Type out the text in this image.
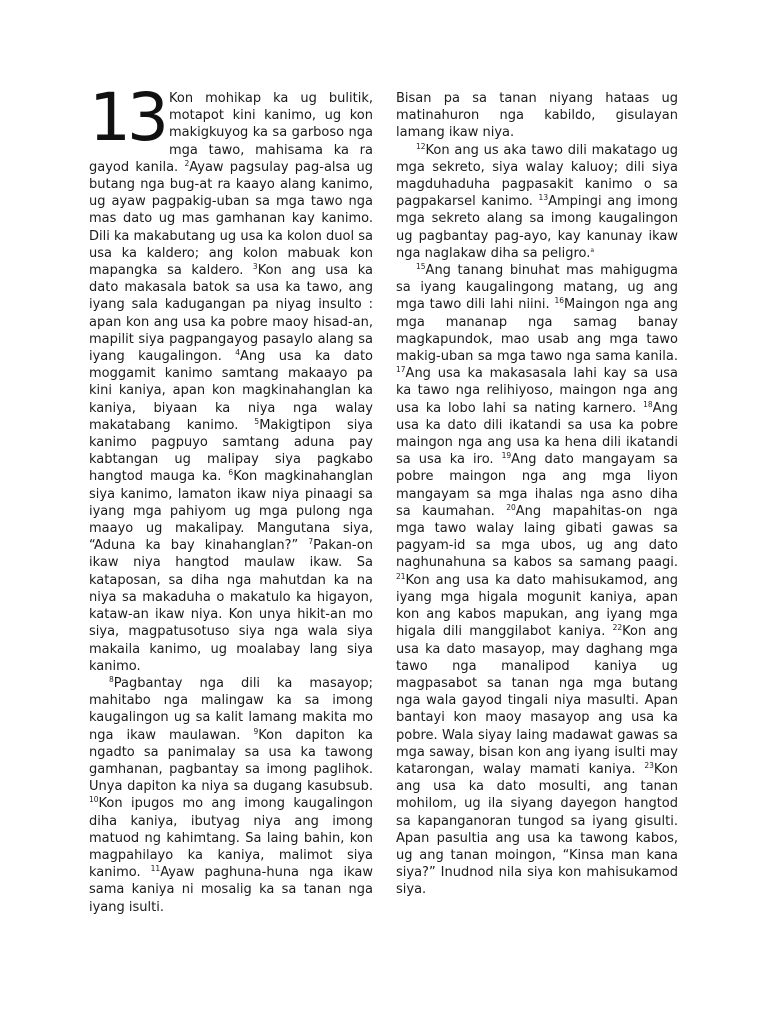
13 Kon mohikap ka ug bulitik, motapot kini kanimo, ug kon makigkuyog ka sa garboso nga mga tawo, mahisama ka ra gayod kanila. $^2$Ayaw pagsulay pag-alsa ug butang nga bug-at ra kaayo alang kanimo, ug ayaw pagpakig-uban sa mga tawo nga mas dato ug mas gamhanan kay kanimo. Dili ka makabutang ug usa ka kolon duol sa usa ka kaldero; ang kolon mabuak kon mapangka sa kaldero. $^3$Kon ang usa ka dato makasala batok sa usa ka tawo, ang iyang sala kadugangan pa niyag insulto : apan kon ang usa ka pobre maoy hisad-an, mapilit siya pagpangayog pasaylo alang sa iyang kaugalingon. $^4$Ang usa ka dato moggamit kanimo samtang makaayo pa kini kaniya, apan kon magkinahanglan ka kaniya, biyaan ka niya nga walay makatabang kanimo. $^5$Makigtipon siya kanimo pagpuyo samtang aduna pay kabtangan ug malipay siya pagkabo hangtod mauga ka. $^6$Kon magkinahanglan siya kanimo, lamaton ikaw niya pinaagi sa iyang mga pahiyom ug mga pulong nga maayo ug makalipay. Mangutana siya, “Aduna ka bay kinahanglan?” $^7$Pakan-on ikaw niya hangtod maulaw ikaw. Sa kataposan, sa diha nga mahutdan ka na niya sa makaduha o makatulo ka higayon, kataw-an ikaw niya. Kon unya hikit-an mo siya, magpatusotuso siya nga wala siya makaila kanimo, ug moalabay lang siya kanimo.

$^8$Pagbantay nga dili ka masayop; mahitabo nga malingaw ka sa imong kaugalingon ug sa kalit lamang makita mo nga ikaw maulawan. $^9$Kon dapiton ka ngadto sa panimalay sa usa ka tawong gamhanan, pagbantay sa imong paglihok. Unya dapiton ka niya sa dugang kasubsub. $^{10}$Kon ipugos mo ang imong kaugalingon diha kaniya, ibutyag niya ang imong matuod ng kahimtang. Sa laing bahin, kon magpahilayo ka kaniya, malimot siya kanimo. $^{11}$Ayaw paghuna-huna nga ikaw sama kaniya ni mosalig ka sa tanan nga iyang isulti.

Bisan pa sa tanan niyang hataas ug matinahuron nga kabildo, gisulayan lamang ikaw niya.

$^{12}$Kon ang us aka tawo dili makatago ug mga sekreto, siya walay kaluoy; dili siya magduhaduha pagpasakit kanimo o sa pagpakarsel kanimo. $^{13}$Ampingi ang imong mga sekreto alang sa imong kaugalingon ug pagbantay pag-ayo, kay kanunay ikaw nga naglakaw diha sa peligro.$^a$

$^{15}$Ang tanang binuhat mas mahigugma sa iyang kaugalingong matang, ug ang mga tawo dili lahi niini. $^{16}$Maingon nga ang mga mananap nga samag banay magkapundok, mao usab ang mga tawo makig-uban sa mga tawo nga sama kanila. $^{17}$Ang usa ka makasasala lahi kay sa usa ka tawo nga relihiyoso, maingon nga ang usa ka lobo lahi sa nating karnero. $^{18}$Ang usa ka dato dili ikatandi sa usa ka pobre maingon nga ang usa ka hena dili ikatandi sa usa ka iro. $^{19}$Ang dato mangayam sa pobre maingon nga ang mga liyon mangayam sa mga ihalas nga asno diha sa kaumahan. $^{20}$Ang mapahitas-on nga mga tawo walay laing gibati gawas sa pagyam-id sa mga ubos, ug ang dato naghunahuna sa kabos sa samang paagi. $^{21}$Kon ang usa ka dato mahisukamod, ang iyang mga higala mogunit kaniya, apan kon ang kabos mapukan, ang iyang mga higala dili manggilabot kaniya. $^{22}$Kon ang usa ka dato masayop, may daghang mga tawo nga manalipod kaniya ug magpasabot sa tanan nga mga butang nga wala gayod tingali niya masulti. Apan bantayi kon maoy masayop ang usa ka pobre. Wala siyay laing madawat gawas sa mga saway, bisan kon ang iyang isulti may katarongan, walay mamati kaniya. $^{23}$Kon ang usa ka dato mosulti, ang tanan mohilom, ug ila siyang dayegon hangtod sa kapanganoran tungod sa iyang gisulti. Apan pasultia ang usa ka tawong kabos, ug ang tanan moingon, “Kinsa man kana siya?” Inudnod nila siya kon mahisukamod siya.
